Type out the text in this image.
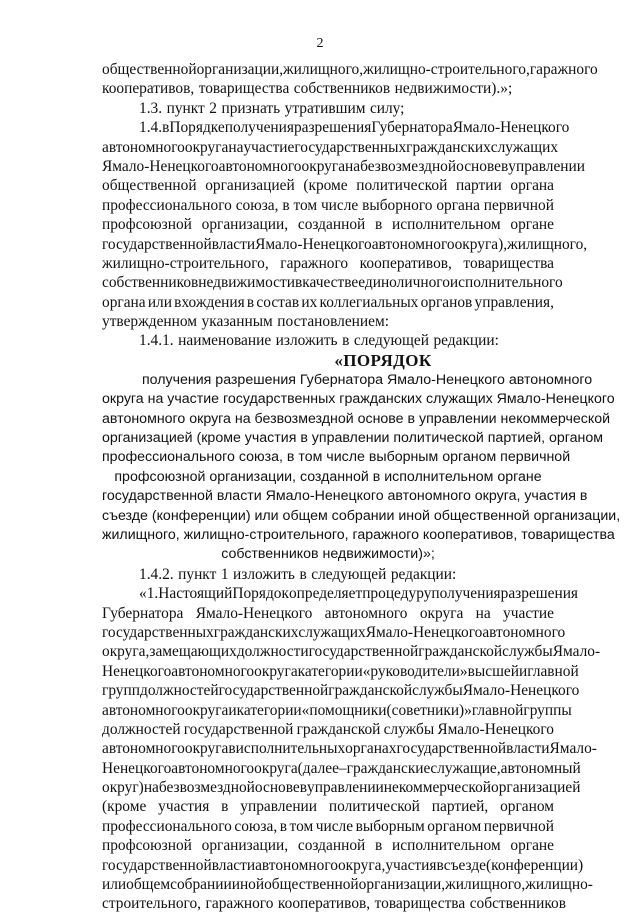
2
общественной организации, жилищного, жилищно-строительного, гаражного
кооперативов, товарищества собственников недвижимости).»;
1.3. пункт 2 признать утратившим силу;
1.4. в Порядке получения разрешения Губернатора Ямало-Ненецкого
автономного округа на участие государственных гражданских служащих
Ямало-Ненецкого автономного округа на безвозмездной основе в управлении
общественной организацией (кроме политической партии органа
профессионального союза, в том числе выборного органа первичной
профсоюзной организации, созданной в исполнительном органе
государственной власти Ямало-Ненецкого автономного округа), жилищного,
жилищно-строительного, гаражного кооперативов, товарищества
собственников недвижимости в качестве единоличного исполнительного
органа или вхождения в состав их коллегиальных органов управления,
утвержденном указанным постановлением:
1.4.1. наименование изложить в следующей редакции:
«ПОРЯДОК
получения разрешения Губернатора Ямало-Ненецкого автономного
округа на участие государственных гражданских служащих Ямало-Ненецкого
автономного округа на безвозмездной основе в управлении некоммерческой
организацией (кроме участия в управлении политической партией, органом
профессионального союза, в том числе выборным органом первичной
профсоюзной организации, созданной в исполнительном органе
государственной власти Ямало-Ненецкого автономного округа, участия в
съезде (конференции) или общем собрании иной общественной организации,
жилищного, жилищно-строительного, гаражного кооперативов, товарищества
собственников недвижимости)»;
1.4.2. пункт 1 изложить в следующей редакции:
«1. Настоящий Порядок определяет процедуру получения разрешения
Губернатора Ямало-Ненецкого автономного округа на участие
государственных гражданских служащих Ямало-Ненецкого автономного
округа, замещающих должности государственной гражданской службы Ямало-
Ненецкого автономного округа категории «руководители» высшей и главной
групп должностей государственной гражданской службы Ямало-Ненецкого
автономного округа и категории «помощники (советники)» главной группы
должностей государственной гражданской службы Ямало-Ненецкого
автономного округа в исполнительных органах государственной власти Ямало-
Ненецкого автономного округа (далее – гражданские служащие, автономный
округ) на безвозмездной основе в управлении некоммерческой организацией
(кроме участия в управлении политической партией, органом
профессионального союза, в том числе выборным органом первичной
профсоюзной организации, созданной в исполнительном органе
государственной власти автономного округа, участия в съезде (конференции)
или общем собрании иной общественной организации, жилищного, жилищно-
строительного, гаражного кооперативов, товарищества собственников
